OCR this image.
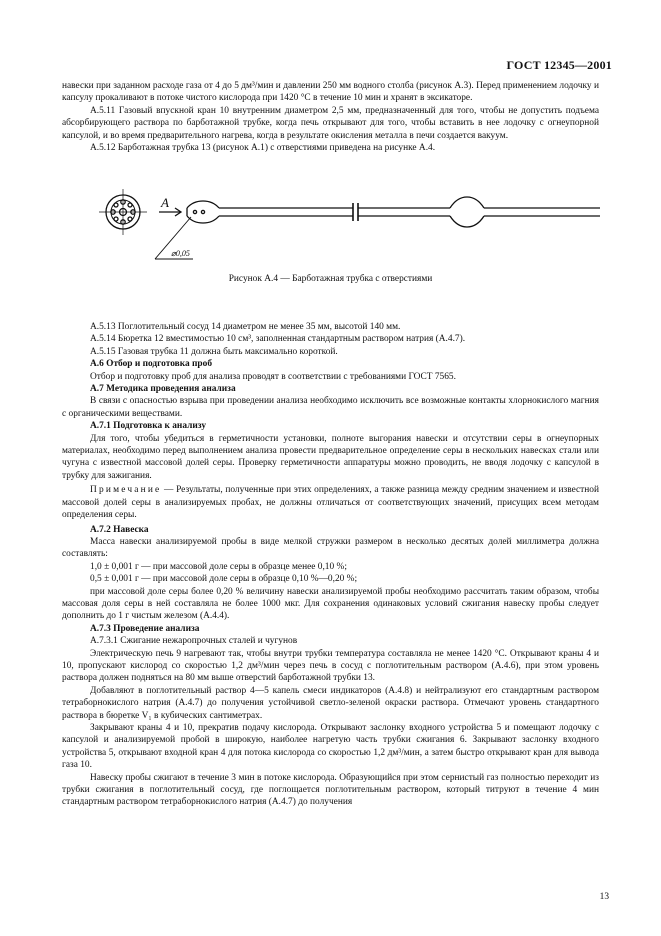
ГОСТ 12345—2001

навески при заданном расходе газа от 4 до 5 дм³/мин и давлении 250 мм водного столба (рисунок А.3). Перед применением лодочку и капсулу прокаливают в потоке чистого кислорода при 1420 °С в течение 10 мин и хранят в эксикаторе.

А.5.11 Газовый впускной кран 10 внутренним диаметром 2,5 мм, предназначенный для того, чтобы не допустить подъема абсорбирующего раствора по барботажной трубке, когда печь открывают для того, чтобы вставить в нее лодочку с огнеупорной капсулой, и во время предварительного нагрева, когда в результате окисления металла в печи создается вакуум.

А.5.12 Барботажная трубка 13 (рисунок А.1) с отверстиями приведена на рисунке А.4.

А
⌀0,05
Рисунок А.4 — Барботажная трубка с отверстиями

А.5.13 Поглотительный сосуд 14 диаметром не менее 35 мм, высотой 140 мм.

А.5.14 Бюретка 12 вместимостью 10 см³, заполненная стандартным раствором натрия (А.4.7).

А.5.15 Газовая трубка 11 должна быть максимально короткой.

А.6 Отбор и подготовка проб

Отбор и подготовку проб для анализа проводят в соответствии с требованиями ГОСТ 7565.

А.7 Методика проведения анализа

В связи с опасностью взрыва при проведении анализа необходимо исключить все возможные контакты хлорнокислого магния с органическими веществами.

А.7.1 Подготовка к анализу

Для того, чтобы убедиться в герметичности установки, полноте выгорания навески и отсутствии серы в огнеупорных материалах, необходимо перед выполнением анализа провести предварительное определение серы в нескольких навесках стали или чугуна с известной массовой долей серы. Проверку герметичности аппаратуры можно проводить, не вводя лодочку с капсулой в трубку для зажигания.

Примечание — Результаты, полученные при этих определениях, а также разница между средним значением и известной массовой долей серы в анализируемых пробах, не должны отличаться от соответствующих значений, присущих всем методам определения серы.

А.7.2 Навеска

Масса навески анализируемой пробы в виде мелкой стружки размером в несколько десятых долей миллиметра должна составлять:

1,0 ± 0,001 г — при массовой доле серы в образце менее 0,10 %;

0,5 ± 0,001 г — при массовой доле серы в образце 0,10 %—0,20 %;

при массовой доле серы более 0,20 % величину навески анализируемой пробы необходимо рассчитать таким образом, чтобы массовая доля серы в ней составляла не более 1000 мкг. Для сохранения одинаковых условий сжигания навеску пробы следует дополнить до 1 г чистым железом (А.4.4).

А.7.3 Проведение анализа

А.7.3.1 Сжигание нежаропрочных сталей и чугунов

Электрическую печь 9 нагревают так, чтобы внутри трубки температура составляла не менее 1420 °С. Открывают краны 4 и 10, пропускают кислород со скоростью 1,2 дм³/мин через печь в сосуд с поглотительным раствором (А.4.6), при этом уровень раствора должен подняться на 80 мм выше отверстий барботажной трубки 13.

Добавляют в поглотительный раствор 4—5 капель смеси индикаторов (А.4.8) и нейтрализуют его стандартным раствором тетраборнокислого натрия (А.4.7) до получения устойчивой светло-зеленой окраски раствора. Отмечают уровень стандартного раствора в бюретке V₁ в кубических сантиметрах.

Закрывают краны 4 и 10, прекратив подачу кислорода. Открывают заслонку входного устройства 5 и помещают лодочку с капсулой и анализируемой пробой в широкую, наиболее нагретую часть трубки сжигания 6. Закрывают заслонку входного устройства 5, открывают входной кран 4 для потока кислорода со скоростью 1,2 дм³/мин, а затем быстро открывают кран для вывода газа 10.

Навеску пробы сжигают в течение 3 мин в потоке кислорода. Образующийся при этом сернистый газ полностью переходит из трубки сжигания в поглотительный сосуд, где поглощается поглотительным раствором, который титруют в течение 4 мин стандартным раствором тетраборнокислого натрия (А.4.7) до получения

13
